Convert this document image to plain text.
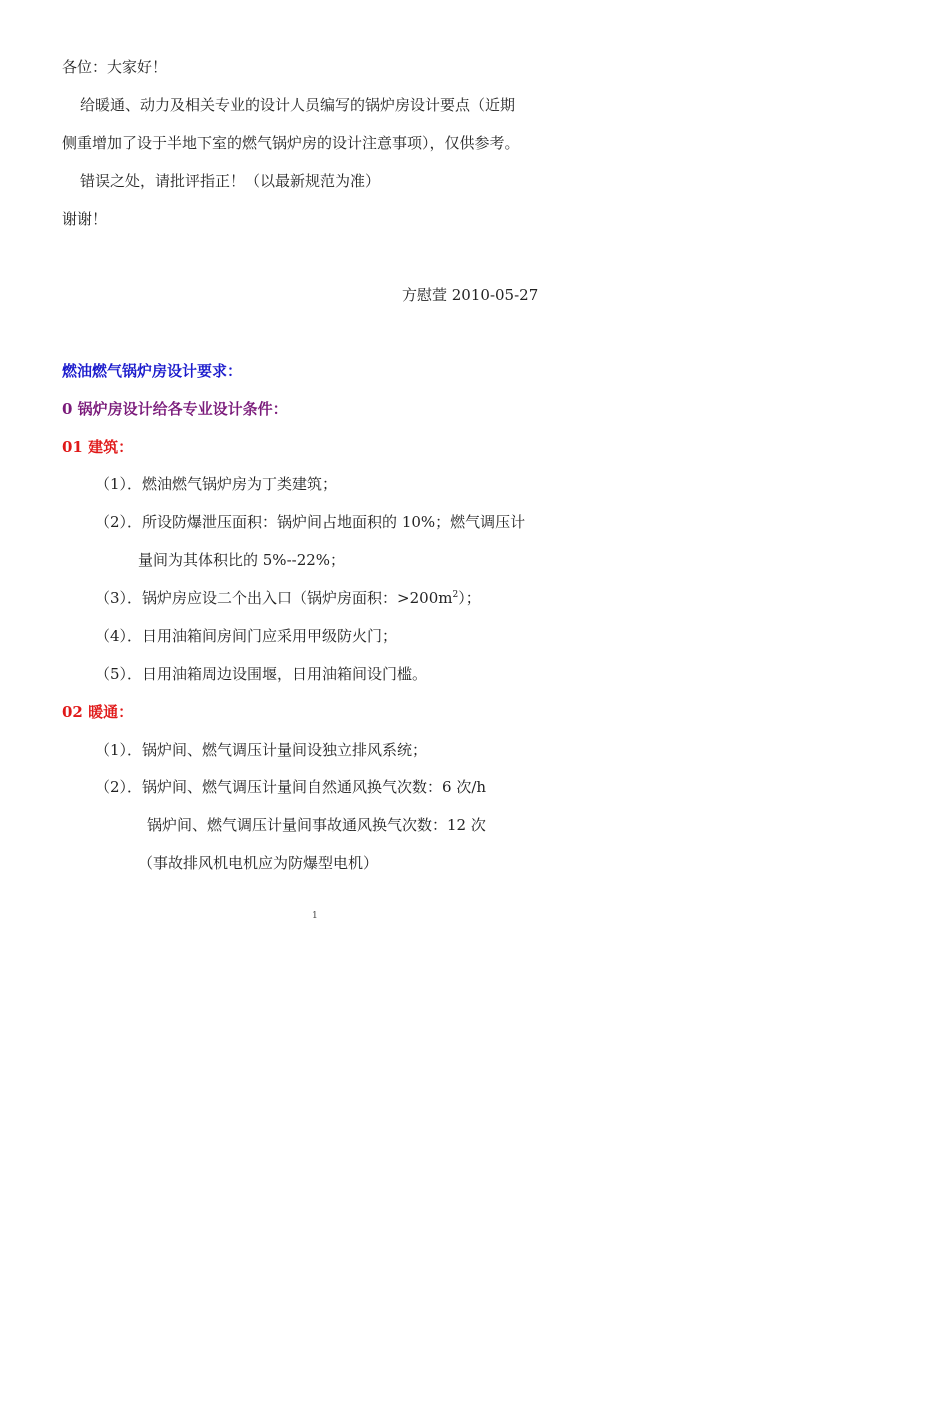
各位：大家好！
给暖通、动力及相关专业的设计人员编写的锅炉房设计要点（近期
侧重增加了设于半地下室的燃气锅炉房的设计注意事项），仅供参考。
错误之处，请批评指正！（以最新规范为准）
谢谢！
方慰萱 2010-05-27
燃油燃气锅炉房设计要求：
0 锅炉房设计给各专业设计条件：
01 建筑：
（1）．燃油燃气锅炉房为丁类建筑；
（2）．所设防爆泄压面积：锅炉间占地面积的 10%；燃气调压计
量间为其体积比的 5%--22%；
（3）．锅炉房应设二个出入口（锅炉房面积：$>200m^2$）；
（4）．日用油箱间房间门应采用甲级防火门；
（5）．日用油箱周边设围堰，日用油箱间设门槛。
02 暖通：
（1）．锅炉间、燃气调压计量间设独立排风系统；
（2）．锅炉间、燃气调压计量间自然通风换气次数：6 次/h
锅炉间、燃气调压计量间事故通风换气次数：12 次
（事故排风机电机应为防爆型电机）
1
